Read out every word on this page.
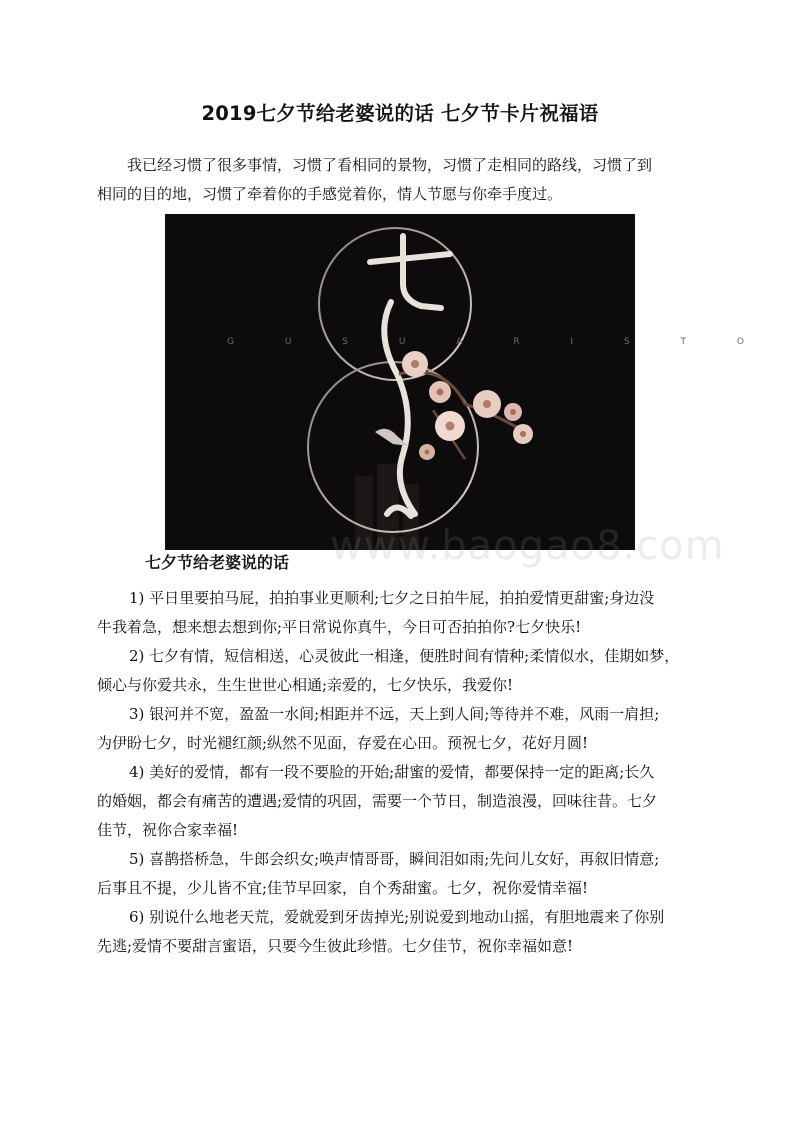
2019七夕节给老婆说的话 七夕节卡片祝福语
我已经习惯了很多事情，习惯了看相同的景物，习惯了走相同的路线，习惯了到
相同的目的地，习惯了牵着你的手感觉着你，情人节愿与你牵手度过。
G U S U A R I S T O
www.baogao8.com
七夕节给老婆说的话
1) 平日里要拍马屁，拍拍事业更顺利;七夕之日拍牛屁，拍拍爱情更甜蜜;身边没
牛我着急，想来想去想到你;平日常说你真牛，今日可否拍拍你?七夕快乐!
2) 七夕有情，短信相送，心灵彼此一相逢，便胜时间有情种;柔情似水，佳期如梦，
倾心与你爱共永，生生世世心相通;亲爱的，七夕快乐，我爱你!
3) 银河并不宽，盈盈一水间;相距并不远，天上到人间;等待并不难，风雨一肩担;
为伊盼七夕，时光褪红颜;纵然不见面，存爱在心田。预祝七夕，花好月圆!
4) 美好的爱情，都有一段不要脸的开始;甜蜜的爱情，都要保持一定的距离;长久
的婚姻，都会有痛苦的遭遇;爱情的巩固，需要一个节日，制造浪漫，回味往昔。七夕
佳节，祝你合家幸福!
5) 喜鹊搭桥急，牛郎会织女;唤声情哥哥，瞬间泪如雨;先问儿女好，再叙旧情意;
后事且不提，少儿皆不宜;佳节早回家，自个秀甜蜜。七夕，祝你爱情幸福!
6) 别说什么地老天荒，爱就爱到牙齿掉光;别说爱到地动山摇，有胆地震来了你别
先逃;爱情不要甜言蜜语，只要今生彼此珍惜。七夕佳节，祝你幸福如意!
